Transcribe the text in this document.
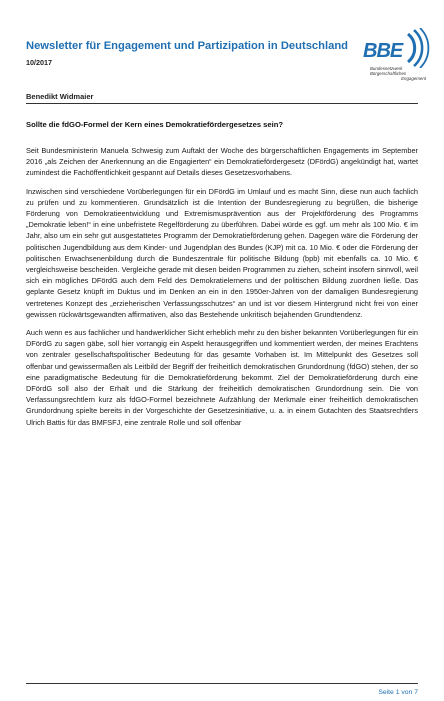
Newsletter für Engagement und Partizipation in Deutschland
10/2017
BBE
Bundesnetzwerk
Bürgerschaftliches
Engagement
Benedikt Widmaier
Sollte die fdGO-Formel der Kern eines Demokratiefördergesetzes sein?

Seit Bundesministerin Manuela Schwesig zum Auftakt der Woche des bürgerschaftlichen Engagements im September 2016 „als Zeichen der Anerkennung an die Engagierten“ ein Demokratiefördergesetz (DFördG) angekündigt hat, wartet zumindest die Fachöffentlichkeit gespannt auf Details dieses Gesetzesvorhabens.

Inzwischen sind verschiedene Vorüberlegungen für ein DFördG im Umlauf und es macht Sinn, diese nun auch fachlich zu prüfen und zu kommentieren. Grundsätzlich ist die Intention der Bundesregierung zu begrüßen, die bisherige Förderung von Demokratieentwicklung und Extremismusprävention aus der Projektförderung des Programms „Demokratie leben!“ in eine unbefristete Regelförderung zu überführen. Dabei würde es ggf. um mehr als 100 Mio. € im Jahr, also um ein sehr gut ausgestattetes Programm der Demokratieförderung gehen. Dagegen wäre die Förderung der politischen Jugendbildung aus dem Kinder- und Jugendplan des Bundes (KJP) mit ca. 10 Mio. € oder die Förderung der politischen Erwachsenenbildung durch die Bundeszentrale für politische Bildung (bpb) mit ebenfalls ca. 10 Mio. € vergleichsweise bescheiden. Vergleiche gerade mit diesen beiden Programmen zu ziehen, scheint insofern sinnvoll, weil sich ein mögliches DFördG auch dem Feld des Demokratielernens und der politischen Bildung zuordnen ließe. Das geplante Gesetz knüpft im Duktus und im Denken an ein in den 1950er-Jahren von der damaligen Bundesregierung vertretenes Konzept des „erzieherischen Verfassungsschutzes“ an und ist vor diesem Hintergrund nicht frei von einer gewissen rückwärtsgewandten affirmativen, also das Bestehende unkritisch bejahenden Grundtendenz.

Auch wenn es aus fachlicher und handwerklicher Sicht erheblich mehr zu den bisher bekannten Vorüberlegungen für ein DFördG zu sagen gäbe, soll hier vorrangig ein Aspekt herausgegriffen und kommentiert werden, der meines Erachtens von zentraler gesellschaftspolitischer Bedeutung für das gesamte Vorhaben ist. Im Mittelpunkt des Gesetzes soll offenbar und gewissermaßen als Leitbild der Begriff der freiheitlich demokratischen Grundordnung (fdGO) stehen, der so eine paradigmatische Bedeutung für die Demokratieförderung bekommt. Ziel der Demokratieförderung durch eine DFördG soll also der Erhalt und die Stärkung der freiheitlich demokratischen Grundordnung sein. Die von Verfassungsrechtlern kurz als fdGO-Formel bezeichnete Aufzählung der Merkmale einer freiheitlich demokratischen Grundordnung spielte bereits in der Vorgeschichte der Gesetzesinitiative, u. a. in einem Gutachten des Staatsrechtlers Ulrich Battis für das BMFSFJ, eine zentrale Rolle und soll offenbar

Seite 1 von 7
